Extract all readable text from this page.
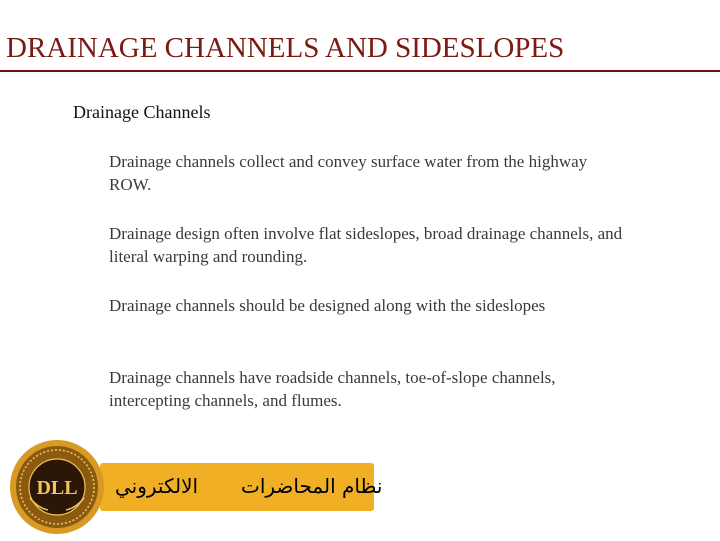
DRAINAGE CHANNELS AND SIDESLOPES
Drainage Channels
Drainage channels collect and convey surface water from the highway ROW.
Drainage design often involve flat sideslopes, broad drainage channels, and literal warping and rounding.
Drainage channels should be designed along with the sideslopes
Drainage channels have roadside channels, toe-of-slope channels, intercepting channels, and flumes.
الالكتروني نظام المحاضرات
DLL
